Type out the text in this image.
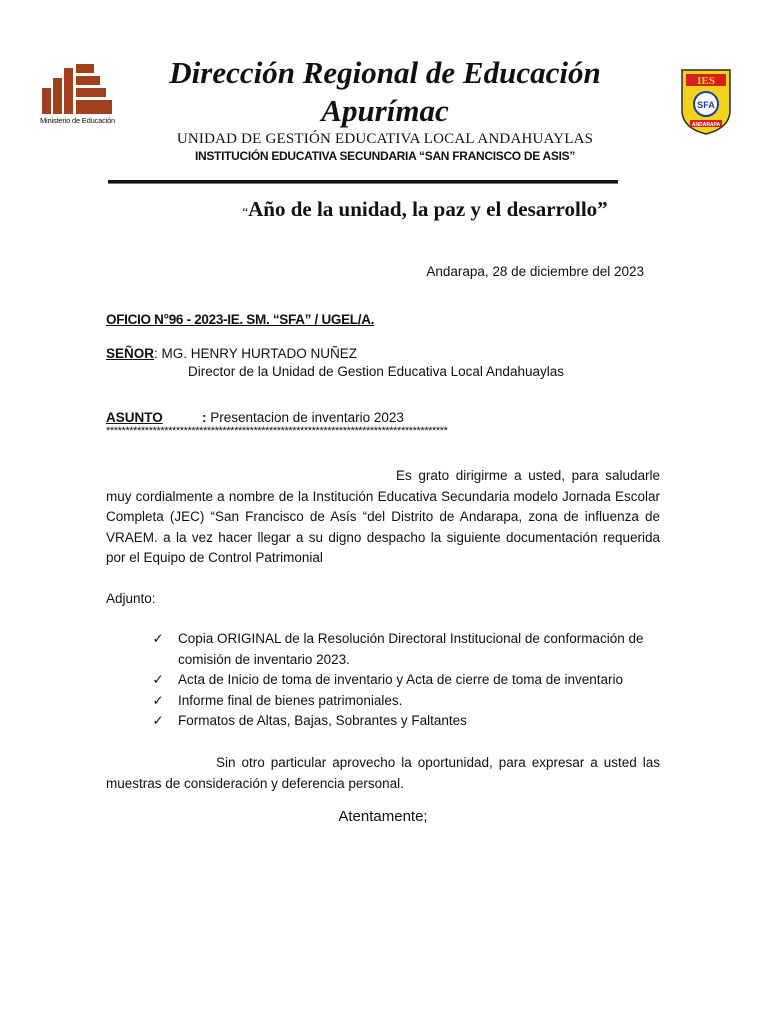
Ministerio de Educación
IES
SFA
ANDARAPA
Dirección Regional de Educación Apurímac
UNIDAD DE GESTIÓN EDUCATIVA LOCAL ANDAHUAYLAS
INSTITUCIÓN EDUCATIVA SECUNDARIA “SAN FRANCISCO DE ASIS”
“Año de la unidad, la paz y el desarrollo”
Andarapa, 28 de diciembre del 2023
OFICIO N°96 - 2023-IE. SM. “SFA” / UGEL/A.
SEÑOR: MG. HENRY HURTADO NUÑEZ
Director de la Unidad de Gestion Educativa Local Andahuaylas
ASUNTO	: Presentacion de inventario 2023
****************************************************************************************
Es grato dirigirme a usted, para saludarle muy cordialmente a nombre de la Institución Educativa Secundaria modelo Jornada Escolar Completa (JEC) “San Francisco de Asís “del Distrito de Andarapa, zona de influenza de VRAEM. a la vez hacer llegar a su digno despacho la siguiente documentación requerida por el Equipo de Control Patrimonial
Adjunto:
✓ Copia ORIGINAL de la Resolución Directoral Institucional de conformación de comisión de inventario 2023.
✓ Acta de Inicio de toma de inventario y Acta de cierre de toma de inventario
✓ Informe final de bienes patrimoniales.
✓ Formatos de Altas, Bajas, Sobrantes y Faltantes
Sin otro particular aprovecho la oportunidad, para expresar a usted las muestras de consideración y deferencia personal.
Atentamente;
